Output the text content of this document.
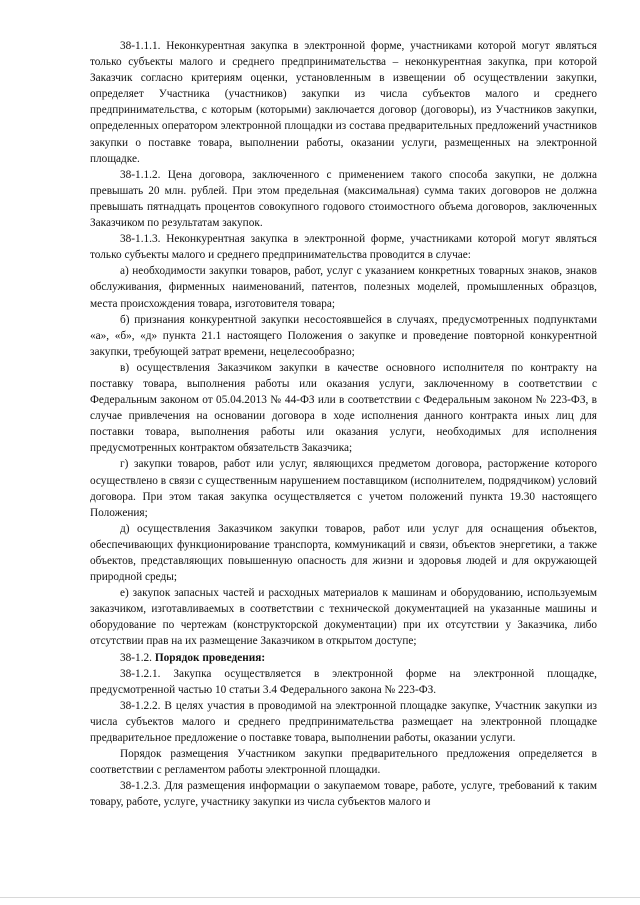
38-1.1.1. Неконкурентная закупка в электронной форме, участниками которой могут являться только субъекты малого и среднего предпринимательства – неконкурентная закупка, при которой Заказчик согласно критериям оценки, установленным в извещении об осуществлении закупки, определяет Участника (участников) закупки из числа субъектов малого и среднего предпринимательства, с которым (которыми) заключается договор (договоры), из Участников закупки, определенных оператором электронной площадки из состава предварительных предложений участников закупки о поставке товара, выполнении работы, оказании услуги, размещенных на электронной площадке.

38-1.1.2. Цена договора, заключенного с применением такого способа закупки, не должна превышать 20 млн. рублей. При этом предельная (максимальная) сумма таких договоров не должна превышать пятнадцать процентов совокупного годового стоимостного объема договоров, заключенных Заказчиком по результатам закупок.

38-1.1.3. Неконкурентная закупка в электронной форме, участниками которой могут являться только субъекты малого и среднего предпринимательства проводится в случае:

а) необходимости закупки товаров, работ, услуг с указанием конкретных товарных знаков, знаков обслуживания, фирменных наименований, патентов, полезных моделей, промышленных образцов, места происхождения товара, изготовителя товара;

б) признания конкурентной закупки несостоявшейся в случаях, предусмотренных подпунктами «а», «б», «д» пункта 21.1 настоящего Положения о закупке и проведение повторной конкурентной закупки, требующей затрат времени, нецелесообразно;

в) осуществления Заказчиком закупки в качестве основного исполнителя по контракту на поставку товара, выполнения работы или оказания услуги, заключенному в соответствии с Федеральным законом от 05.04.2013 № 44-ФЗ или в соответствии с Федеральным законом № 223-ФЗ, в случае привлечения на основании договора в ходе исполнения данного контракта иных лиц для поставки товара, выполнения работы или оказания услуги, необходимых для исполнения предусмотренных контрактом обязательств Заказчика;

г) закупки товаров, работ или услуг, являющихся предметом договора, расторжение которого осуществлено в связи с существенным нарушением поставщиком (исполнителем, подрядчиком) условий договора. При этом такая закупка осуществляется с учетом положений пункта 19.30 настоящего Положения;

д) осуществления Заказчиком закупки товаров, работ или услуг для оснащения объектов, обеспечивающих функционирование транспорта, коммуникаций и связи, объектов энергетики, а также объектов, представляющих повышенную опасность для жизни и здоровья людей и для окружающей природной среды;

е) закупок запасных частей и расходных материалов к машинам и оборудованию, используемым заказчиком, изготавливаемых в соответствии с технической документацией на указанные машины и оборудование по чертежам (конструкторской документации) при их отсутствии у Заказчика, либо отсутствии прав на их размещение Заказчиком в открытом доступе;

38-1.2. Порядок проведения:

38-1.2.1. Закупка осуществляется в электронной форме на электронной площадке, предусмотренной частью 10 статьи 3.4 Федерального закона № 223-ФЗ.

38-1.2.2. В целях участия в проводимой на электронной площадке закупке, Участник закупки из числа субъектов малого и среднего предпринимательства размещает на электронной площадке предварительное предложение о поставке товара, выполнении работы, оказании услуги.

Порядок размещения Участником закупки предварительного предложения определяется в соответствии с регламентом работы электронной площадки.

38-1.2.3. Для размещения информации о закупаемом товаре, работе, услуге, требований к таким товару, работе, услуге, участнику закупки из числа субъектов малого и
